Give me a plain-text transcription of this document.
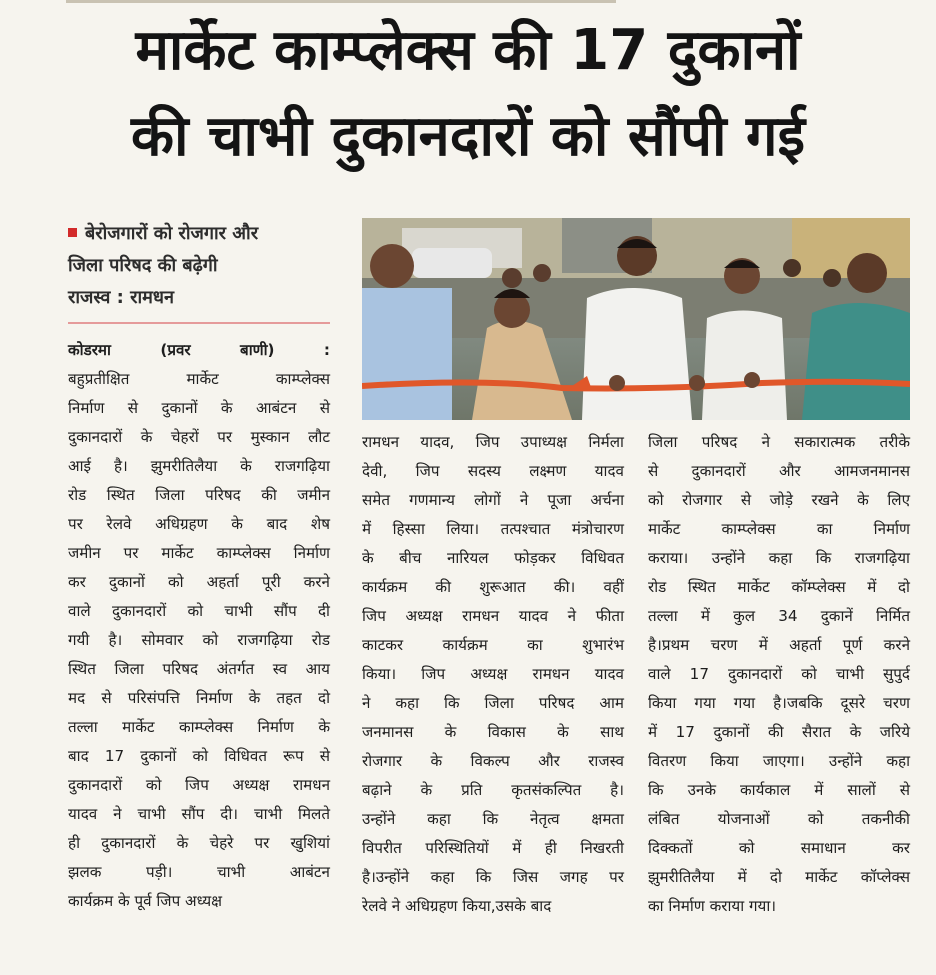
मार्केट काम्प्लेक्स की 17 दुकानों
की चाभी दुकानदारों को सौंपी गई
बेरोजगारों को रोजगार और
जिला परिषद की बढ़ेगी
राजस्व : रामधन
कोडरमा (प्रवर बाणी) :
बहुप्रतीक्षित मार्केट काम्प्लेक्स
निर्माण से दुकानों के आबंटन से
दुकानदारों के चेहरों पर मुस्कान लौट
आई है। झुमरीतिलैया के राजगढ़िया
रोड स्थित जिला परिषद की जमीन
पर रेलवे अधिग्रहण के बाद शेष
जमीन पर मार्केट काम्प्लेक्स निर्माण
कर दुकानों को अहर्ता पूरी करने
वाले दुकानदारों को चाभी सौंप दी
गयी है। सोमवार को राजगढ़िया रोड
स्थित जिला परिषद अंतर्गत स्व आय
मद से परिसंपत्ति निर्माण के तहत दो
तल्ला मार्केट काम्प्लेक्स निर्माण के
बाद 17 दुकानों को विधिवत रूप से
दुकानदारों को जिप अध्यक्ष रामधन
यादव ने चाभी सौंप दी। चाभी मिलते
ही दुकानदारों के चेहरे पर खुशियां
झलक पड़ी। चाभी आबंटन
कार्यक्रम के पूर्व जिप अध्यक्ष
रामधन यादव, जिप उपाध्यक्ष निर्मला
देवी, जिप सदस्य लक्ष्मण यादव
समेत गणमान्य लोगों ने पूजा अर्चना
में हिस्सा लिया। तत्पश्चात मंत्रोचारण
के बीच नारियल फोड़कर विधिवत
कार्यक्रम की शुरूआत की। वहीं
जिप अध्यक्ष रामधन यादव ने फीता
काटकर कार्यक्रम का शुभारंभ
किया। जिप अध्यक्ष रामधन यादव
ने कहा कि जिला परिषद आम
जनमानस के विकास के साथ
रोजगार के विकल्प और राजस्व
बढ़ाने के प्रति कृतसंकल्पित है।
उन्होंने कहा कि नेतृत्व क्षमता
विपरीत परिस्थितियों में ही निखरती
है।उन्होंने कहा कि जिस जगह पर
रेलवे ने अधिग्रहण किया,उसके बाद
जिला परिषद ने सकारात्मक तरीके
से दुकानदारों और आमजनमानस
को रोजगार से जोड़े रखने के लिए
मार्केट काम्प्लेक्स का निर्माण
कराया। उन्होंने कहा कि राजगढ़िया
रोड स्थित मार्केट कॉम्प्लेक्स में दो
तल्ला में कुल 34 दुकानें निर्मित
है।प्रथम चरण में अहर्ता पूर्ण करने
वाले 17 दुकानदारों को चाभी सुपुर्द
किया गया गया है।जबकि दूसरे चरण
में 17 दुकानों की सैरात के जरिये
वितरण किया जाएगा। उन्होंने कहा
कि उनके कार्यकाल में सालों से
लंबित योजनाओं को तकनीकी
दिक्कतों को समाधान कर
झुमरीतिलैया में दो मार्केट कॉप्लेक्स
का निर्माण कराया गया।
